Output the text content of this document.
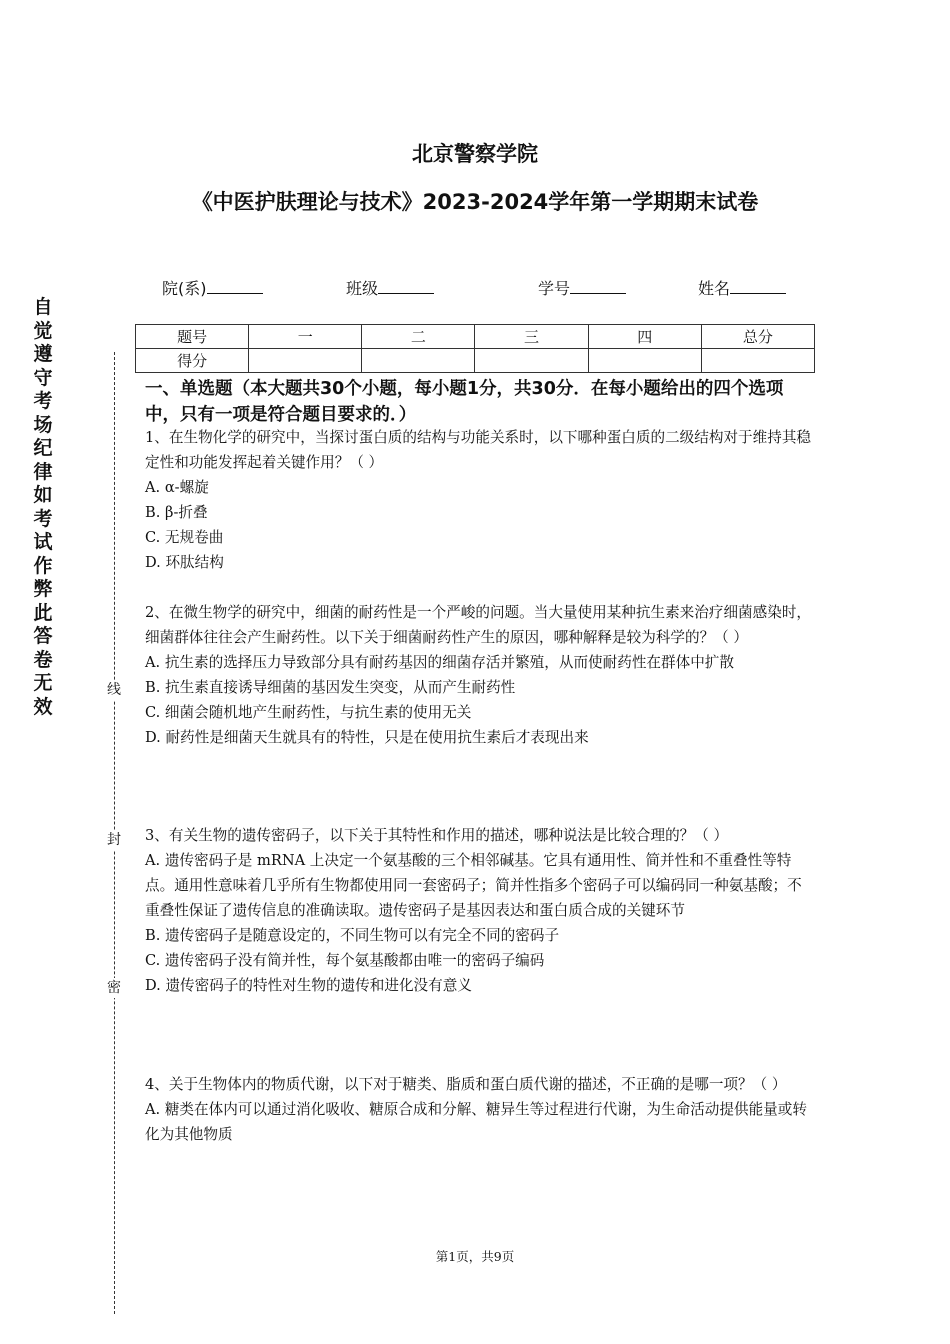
北京警察学院
《中医护肤理论与技术》2023-2024学年第一学期期末试卷
院(系)	班级	学号	姓名
题号	一	二	三	四	总分
得分					
自
觉
遵
守
考
场
纪
律
如
考
试
作
弊
此
答
卷
无
效
线
封
密
一、单选题（本大题共30个小题，每小题1分，共30分．在每小题给出的四个选项中，只有一项是符合题目要求的．）

1、在生物化学的研究中，当探讨蛋白质的结构与功能关系时，以下哪种蛋白质的二级结构对于维持其稳定性和功能发挥起着关键作用？（ ）

A. α-螺旋

B. β-折叠

C. 无规卷曲

D. 环肽结构

2、在微生物学的研究中，细菌的耐药性是一个严峻的问题。当大量使用某种抗生素来治疗细菌感染时，细菌群体往往会产生耐药性。以下关于细菌耐药性产生的原因，哪种解释是较为科学的？（ ）

A. 抗生素的选择压力导致部分具有耐药基因的细菌存活并繁殖，从而使耐药性在群体中扩散

B. 抗生素直接诱导细菌的基因发生突变，从而产生耐药性

C. 细菌会随机地产生耐药性，与抗生素的使用无关

D. 耐药性是细菌天生就具有的特性，只是在使用抗生素后才表现出来

3、有关生物的遗传密码子，以下关于其特性和作用的描述，哪种说法是比较合理的？（ ）

A. 遗传密码子是 mRNA 上决定一个氨基酸的三个相邻碱基。它具有通用性、简并性和不重叠性等特点。通用性意味着几乎所有生物都使用同一套密码子；简并性指多个密码子可以编码同一种氨基酸；不重叠性保证了遗传信息的准确读取。遗传密码子是基因表达和蛋白质合成的关键环节

B. 遗传密码子是随意设定的，不同生物可以有完全不同的密码子

C. 遗传密码子没有简并性，每个氨基酸都由唯一的密码子编码

D. 遗传密码子的特性对生物的遗传和进化没有意义

4、关于生物体内的物质代谢，以下对于糖类、脂质和蛋白质代谢的描述，不正确的是哪一项？（ ）

A. 糖类在体内可以通过消化吸收、糖原合成和分解、糖异生等过程进行代谢，为生命活动提供能量或转化为其他物质

第1页，共9页
